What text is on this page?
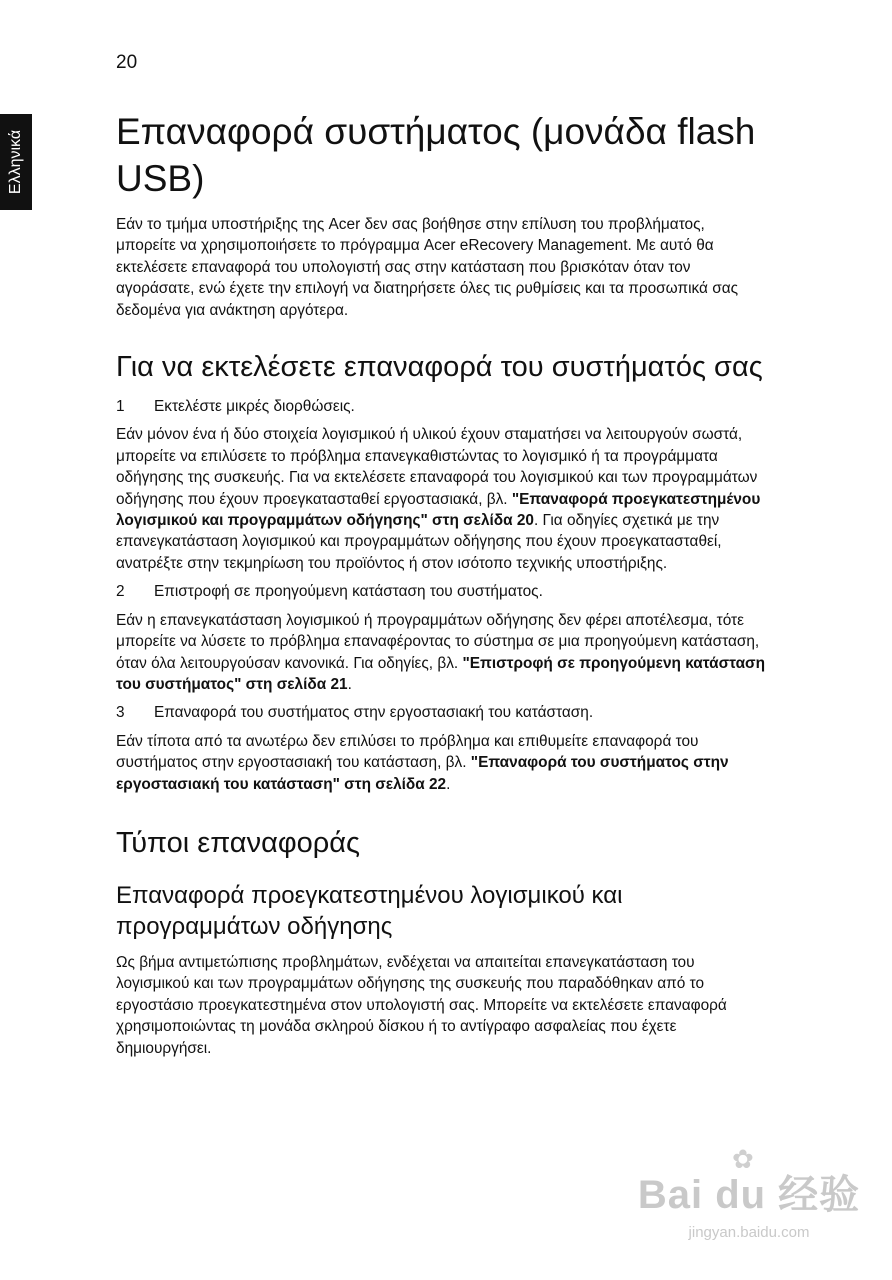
20
Ελληνικά Επαναφορά συστήματος (μονάδα flash USB)

Εάν το τμήμα υποστήριξης της Acer δεν σας βοήθησε στην επίλυση του προβλήματος, μπορείτε να χρησιμοποιήσετε το πρόγραμμα Acer eRecovery Management. Με αυτό θα εκτελέσετε επαναφορά του υπολογιστή σας στην κατάσταση που βρισκόταν όταν τον αγοράσατε, ενώ έχετε την επιλογή να διατηρήσετε όλες τις ρυθμίσεις και τα προσωπικά σας δεδομένα για ανάκτηση αργότερα.

Για να εκτελέσετε επαναφορά του συστήματός σας
1 Εκτελέστε μικρές διορθώσεις.

Εάν μόνον ένα ή δύο στοιχεία λογισμικού ή υλικού έχουν σταματήσει να λειτουργούν σωστά, μπορείτε να επιλύσετε το πρόβλημα επανεγκαθιστώντας το λογισμικό ή τα προγράμματα οδήγησης της συσκευής. Για να εκτελέσετε επαναφορά του λογισμικού και των προγραμμάτων οδήγησης που έχουν προεγκατασταθεί εργοστασιακά, βλ. "Επαναφορά προεγκατεστημένου λογισμικού και προγραμμάτων οδήγησης" στη σελίδα 20. Για οδηγίες σχετικά με την επανεγκατάσταση λογισμικού και προγραμμάτων οδήγησης που έχουν προεγκατασταθεί, ανατρέξτε στην τεκμηρίωση του προϊόντος ή στον ισότοπο τεχνικής υποστήριξης.

2 Επιστροφή σε προηγούμενη κατάσταση του συστήματος.

Εάν η επανεγκατάσταση λογισμικού ή προγραμμάτων οδήγησης δεν φέρει αποτέλεσμα, τότε μπορείτε να λύσετε το πρόβλημα επαναφέροντας το σύστημα σε μια προηγούμενη κατάσταση, όταν όλα λειτουργούσαν κανονικά. Για οδηγίες, βλ. "Επιστροφή σε προηγούμενη κατάσταση του συστήματος" στη σελίδα 21.

3 Επαναφορά του συστήματος στην εργοστασιακή του κατάσταση.

Εάν τίποτα από τα ανωτέρω δεν επιλύσει το πρόβλημα και επιθυμείτε επαναφορά του συστήματος στην εργοστασιακή του κατάσταση, βλ. "Επαναφορά του συστήματος στην εργοστασιακή του κατάσταση" στη σελίδα 22.

Τύποι επαναφοράς
Επαναφορά προεγκατεστημένου λογισμικού και προγραμμάτων οδήγησης

Ως βήμα αντιμετώπισης προβλημάτων, ενδέχεται να απαιτείται επανεγκατάσταση του λογισμικού και των προγραμμάτων οδήγησης της συσκευής που παραδόθηκαν από το εργοστάσιο προεγκατεστημένα στον υπολογιστή σας. Μπορείτε να εκτελέσετε επαναφορά χρησιμοποιώντας τη μονάδα σκληρού δίσκου ή το αντίγραφο ασφαλείας που έχετε δημιουργήσει.

✿
Bai du 经验
jingyan.baidu.com
